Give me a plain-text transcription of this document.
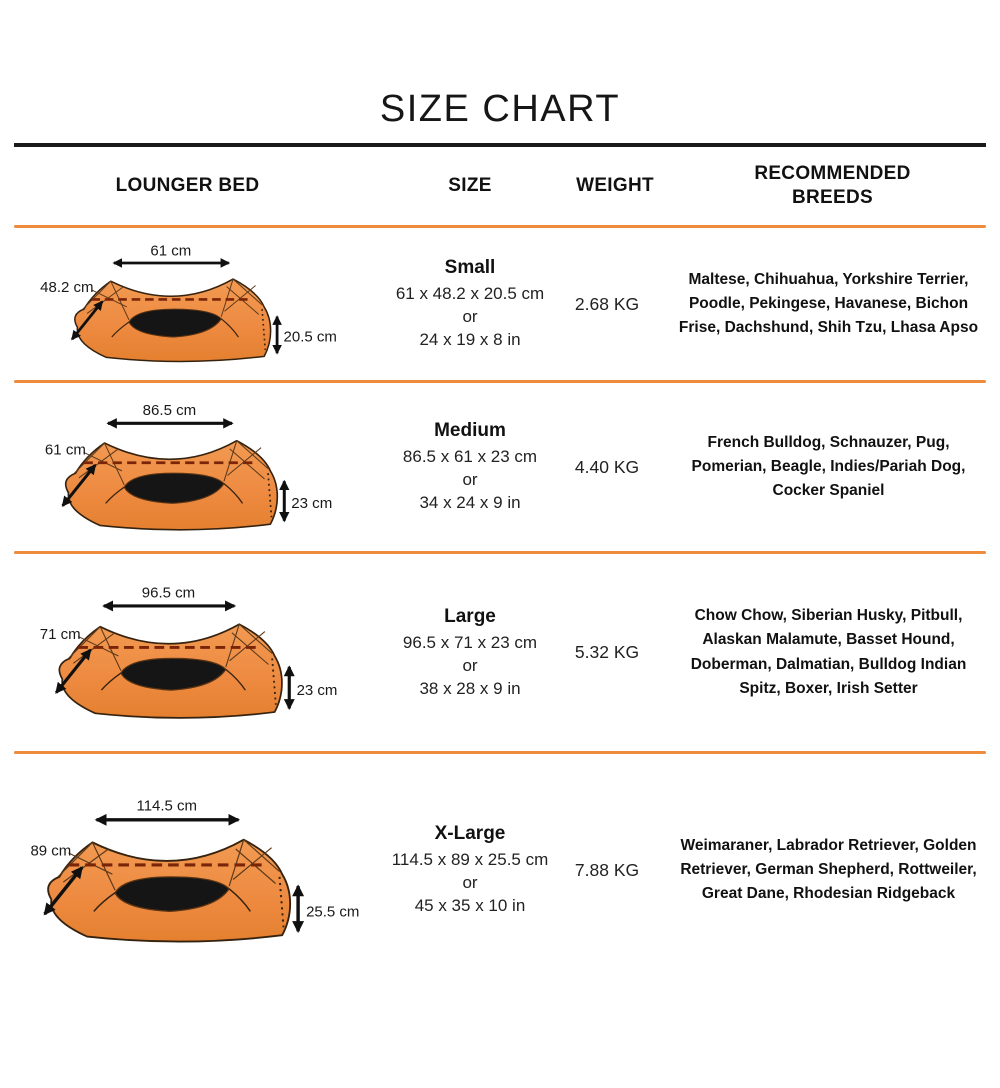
SIZE CHART
LOUNGER BED	SIZE	WEIGHT
RECOMMENDED BREEDS
61 cm
48.2 cm
20.5 cm
Small
61 x 48.2 x 20.5 cm
or
24 x 19 x 8 in
2.68 KG
Maltese, Chihuahua, Yorkshire Terrier, Poodle, Pekingese, Havanese, Bichon Frise, Dachshund, Shih Tzu, Lhasa Apso
86.5 cm
61 cm
23 cm
Medium
86.5 x 61 x 23 cm
or
34 x 24 x 9 in
4.40 KG
French Bulldog, Schnauzer, Pug, Pomerian, Beagle, Indies/Pariah Dog, Cocker Spaniel
96.5 cm
71 cm
23 cm
Large
96.5 x 71 x 23 cm
or
38 x 28 x 9 in
5.32 KG
Chow Chow, Siberian Husky, Pitbull, Alaskan Malamute, Basset Hound, Doberman, Dalmatian, Bulldog Indian Spitz, Boxer, Irish Setter
114.5 cm
89 cm
25.5 cm
X-Large
114.5 x 89 x 25.5 cm
or
45 x 35 x 10 in
7.88 KG
Weimaraner, Labrador Retriever, Golden Retriever, German Shepherd, Rottweiler, Great Dane, Rhodesian Ridgeback
